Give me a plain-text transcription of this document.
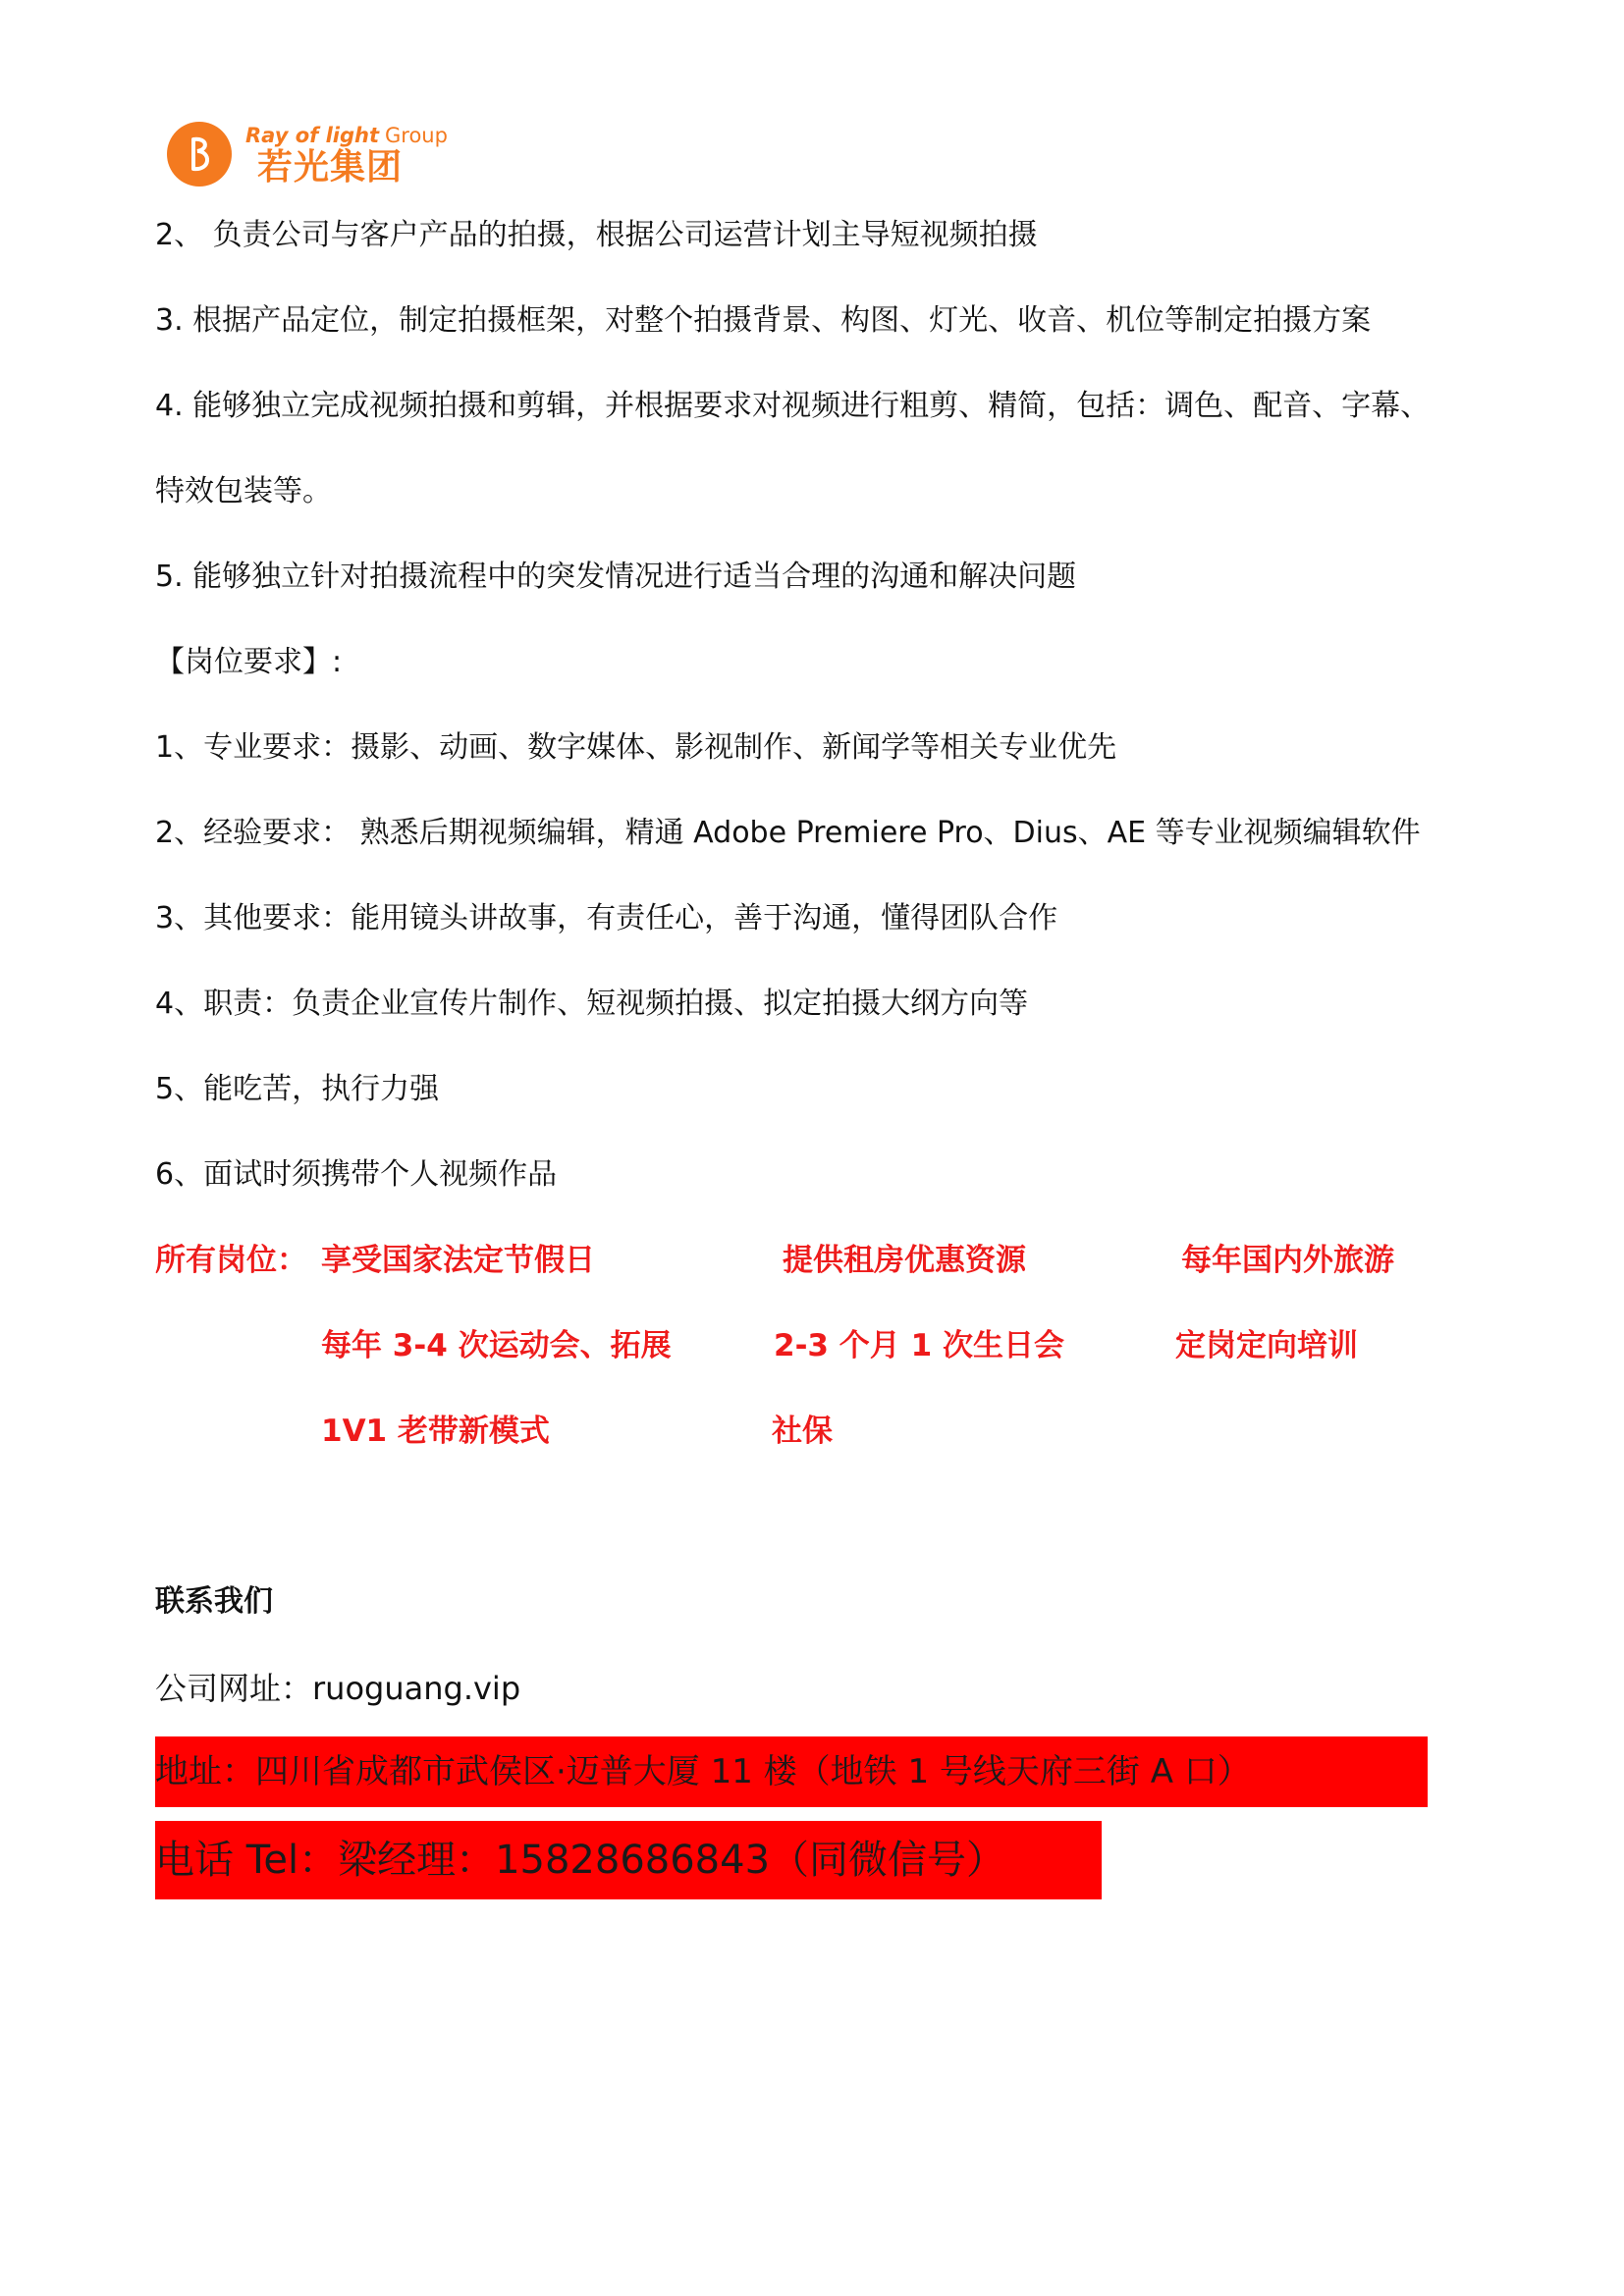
Ray of light Group
若光集团
2、 负责公司与客户产品的拍摄，根据公司运营计划主导短视频拍摄
3. 根据产品定位，制定拍摄框架，对整个拍摄背景、构图、灯光、收音、机位等制定拍摄方案
4. 能够独立完成视频拍摄和剪辑，并根据要求对视频进行粗剪、精简，包括：调色、配音、字幕、
特效包装等。
5. 能够独立针对拍摄流程中的突发情况进行适当合理的沟通和解决问题
【岗位要求】:
1、专业要求：摄影、动画、数字媒体、影视制作、新闻学等相关专业优先
2、经验要求： 熟悉后期视频编辑，精通 Adobe Premiere Pro、Dius、AE 等专业视频编辑软件
3、其他要求：能用镜头讲故事，有责任心，善于沟通，懂得团队合作
4、职责：负责企业宣传片制作、短视频拍摄、拟定拍摄大纲方向等
5、能吃苦，执行力强
6、面试时须携带个人视频作品
所有岗位： 享受国家法定节假日	提供租房优惠资源	每年国内外旅游
每年 3-4 次运动会、拓展	2-3 个月 1 次生日会	定岗定向培训
1V1 老带新模式	社保
联系我们
公司网址：ruoguang.vip
地址：四川省成都市武侯区·迈普大厦 11 楼（地铁 1 号线天府三街 A 口）
电话 Tel：梁经理：15828686843（同微信号）
